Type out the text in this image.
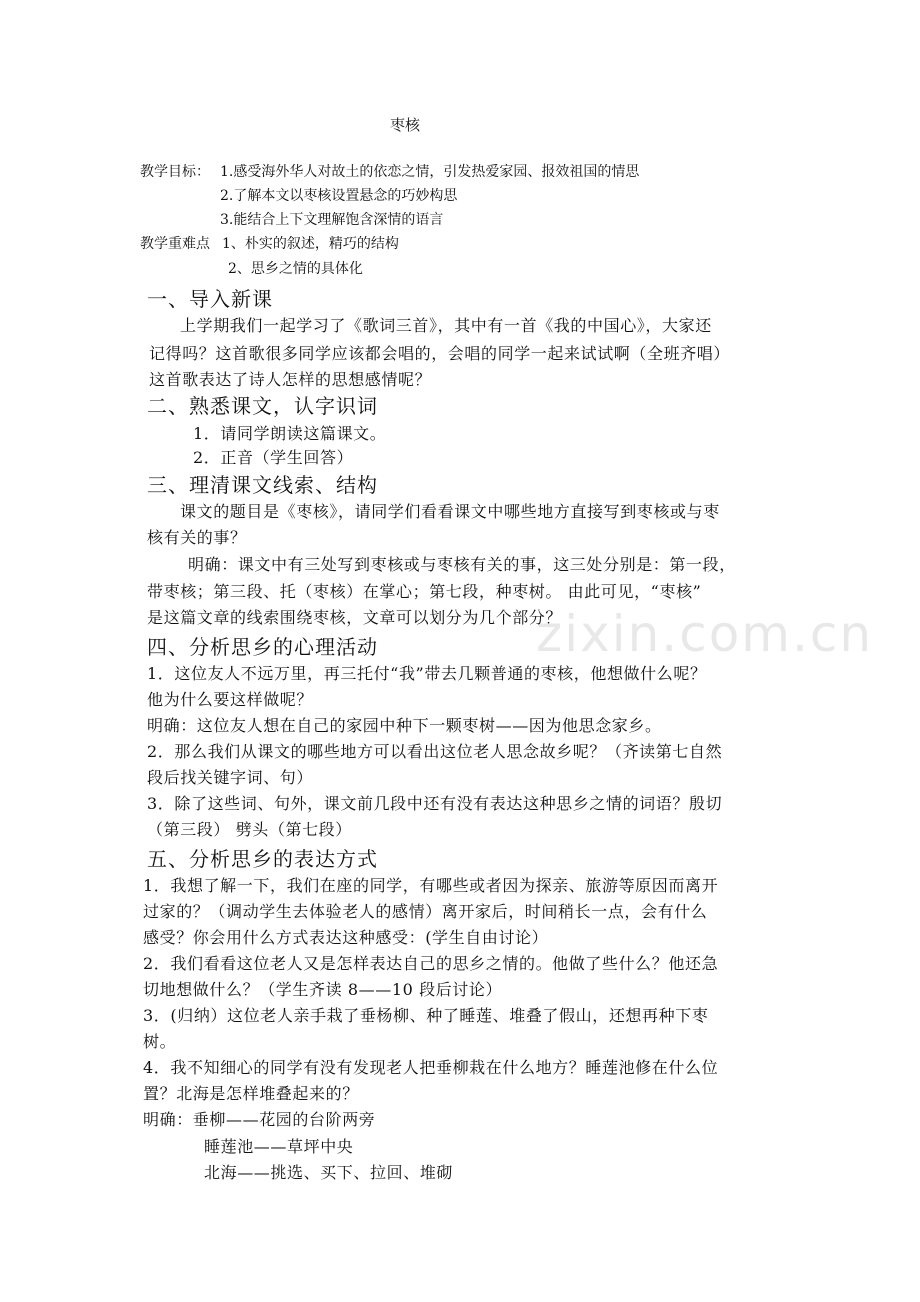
枣核
教学目标： 1.感受海外华人对故土的依恋之情，引发热爱家园、报效祖国的情思
2.了解本文以枣核设置悬念的巧妙构思
3.能结合上下文理解饱含深情的语言
教学重难点 1、朴实的叙述，精巧的结构
2、思乡之情的具体化
一、导入新课
上学期我们一起学习了《歌词三首》，其中有一首《我的中国心》，大家还
记得吗？这首歌很多同学应该都会唱的，会唱的同学一起来试试啊（全班齐唱）
这首歌表达了诗人怎样的思想感情呢？
二、熟悉课文，认字识词
1．请同学朗读这篇课文。
2．正音（学生回答）
三、理清课文线索、结构
课文的题目是《枣核》，请同学们看看课文中哪些地方直接写到枣核或与枣
核有关的事？
明确：课文中有三处写到枣核或与枣核有关的事，这三处分别是：第一段，
带枣核；第三段、托（枣核）在掌心；第七段，种枣树。 由此可见，“枣核”
是这篇文章的线索围绕枣核，文章可以划分为几个部分？
四、分析思乡的心理活动
1．这位友人不远万里，再三托付“我”带去几颗普通的枣核，他想做什么呢？
他为什么要这样做呢？
明确：这位友人想在自己的家园中种下一颗枣树——因为他思念家乡。
2．那么我们从课文的哪些地方可以看出这位老人思念故乡呢？（齐读第七自然
段后找关键字词、句）
3．除了这些词、句外，课文前几段中还有没有表达这种思乡之情的词语？殷切
（第三段） 劈头（第七段）
五、分析思乡的表达方式
1．我想了解一下，我们在座的同学，有哪些或者因为探亲、旅游等原因而离开
过家的？（调动学生去体验老人的感情）离开家后，时间稍长一点，会有什么
感受？你会用什么方式表达这种感受：(学生自由讨论）
2．我们看看这位老人又是怎样表达自己的思乡之情的。他做了些什么？他还急
切地想做什么？（学生齐读 8——10 段后讨论）
3．(归纳）这位老人亲手栽了垂杨柳、种了睡莲、堆叠了假山，还想再种下枣
树。
4．我不知细心的同学有没有发现老人把垂柳栽在什么地方？睡莲池修在什么位
置？北海是怎样堆叠起来的？
明确：垂柳——花园的台阶两旁
睡莲池——草坪中央
北海——挑选、买下、拉回、堆砌
zixin.com.cn
